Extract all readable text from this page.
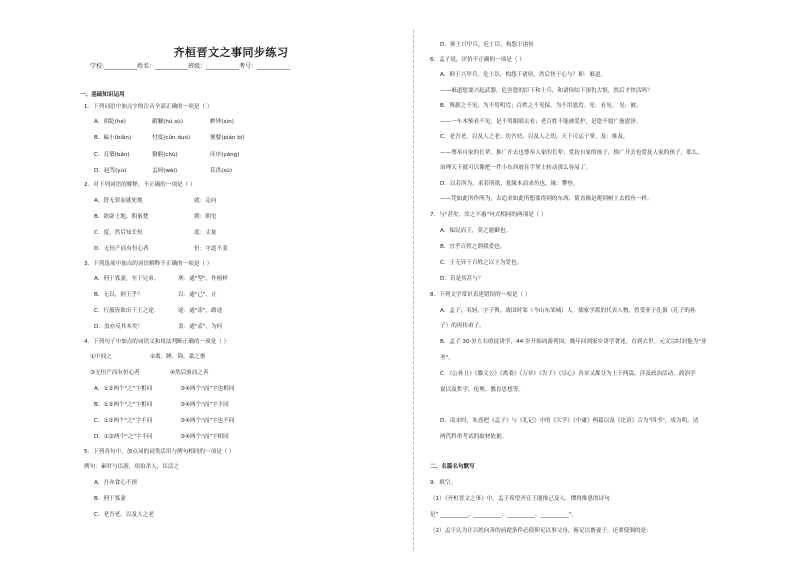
齐桓晋文之事同步练习
学校:___________姓名：___________班级：___________考号：___________
一、基础知识运用
1．下列词语中加点字的注音全部正确的一项是（ ）
A．胡龁(hé)	觳觫(hú sù)	衅钟(xìn)
B．褊小(biǎn)	忖度(cǔn duò)	便嬖(pián bì)
C．育蘖(bǎn)	猕猴(chù)	庠序(yáng)
D．赵驾(yú)	孟轲(wèi)	苌洪(sù)
2．对下列词语的解释，不正确的一项是（ ）
A．替无罪而就死地	就：走向
B．欲辟土地，朝秦楚	朝：朝见
C．度，然后知长短	度：丈量
D．无恒产而有恒心者	恒：守道不变
3．下列选项中加点的词语解释不正确的一项是（ ）
A．刑于寡妻，至于兄弟。	刑：通"型"，作榜样
B．无以，则王乎？	以：通"已"，止
C．行旅皆欲出于王之途	途：通"涂"，路途
D．盖亦反其本矣！	盖：通"盍"，为何
4．下列句子中加点的词语义和用法判断正确的一项是（ ）
①中间之	②离、睡、锦、桑之畜
③无恒产而有恒心者	④然后驱而之善
A．①②两个"之"字相同	③④两个"而"字也相同
B．①②两个"之"字相同	③④两个"而"字不同
C．①②两个"之"字不同	③④两个"而"字也不同
D．①②两个"之"字不同	③④两个"而"字相同
5．下列各句中，加点词的词类活用与例句相同的一项是（ ）
例句：素时与臣游，项伯杀人，臣活之
A．吾亦食心不颈
B．刑于寡妻
C．老吾老，以及人之老
D．抑王兴甲兵，危士臣，构怨于诸侯
6．孟子说，评价不正确的一项是（ ）
A．抑王兴甲兵，危士臣，构怨于诸侯，然后快于心与？抑：难道。
——难道您要兴起武器，危害您的臣下和士兵，和诸侯结下深仇大恨，然后才快活吗？
B．舆薪之不见，为不用明焉；百姓之不见保，为不用恩焉。见：看见。 见：被。
——一车木柴看不见，是不用眼睛去看；老百姓不能被爱护，是您不愿广施恩泽。
C．老吾老，以及人之老；幼吾幼，以及人之幼，天下可运于掌。及：推及。
——尊奉自家的长辈，推广开去也尊奉人家的长辈；爱抚自家的孩子，推广开去也爱抚人家的孩子，那么，
治理天下就可以像把一件小东西放在手掌上转动那么容易了。
D．以若所为，求若所欲，犹缘木而求鱼也。缘：攀登。
——凭如此所作所为，去追求如此所想要得到的东西，简直像是爬到树上去抓鱼一样。
7．与"甚矣，汝之不惠"句式相同的两项是（ ）
A．保民而王，莫之能御也。
B．宜乎百姓之谓我爱也。
C．王无异于百姓之以王为爱也。
D．若是其甚与？
8．下列文学常识表述错误的一项是（ ）
A．孟子，名轲，字子舆，战国时邹（今山东邹城）人。儒家学派的代表人物，曾受业于孔伋（孔子的孙
子）的再传弟子。
B．孟子 30 岁左右收徒讲学，44 岁开始周游列国，晚年回到家乡讲学著述，直到去世。元文宗时封他为"亚
圣"。
C．《公孙丑》《滕文公》《离娄》《万章》《告子》《尽心》各章又都分为上下两篇，涉及政治活动、政治学
说以及哲学、伦理、教育思想等。
D．南宋时，朱熹把《孟子》与《礼记》中的《大学》《中庸》两篇以及《论语》合为"四书"，成为明、清
两代科举考试的取材依据。
二、名篇名句默写
9．填空。
（1）《齐桓晋文之事》中，孟子希望齐宣王能推己及人，懂得推恩的诗句
是" __________，__________；__________，__________"。
（2）孟子认为让百姓向善的前提条件必使仰足以事父母，俯足以畜妻子，还要使制的是：
